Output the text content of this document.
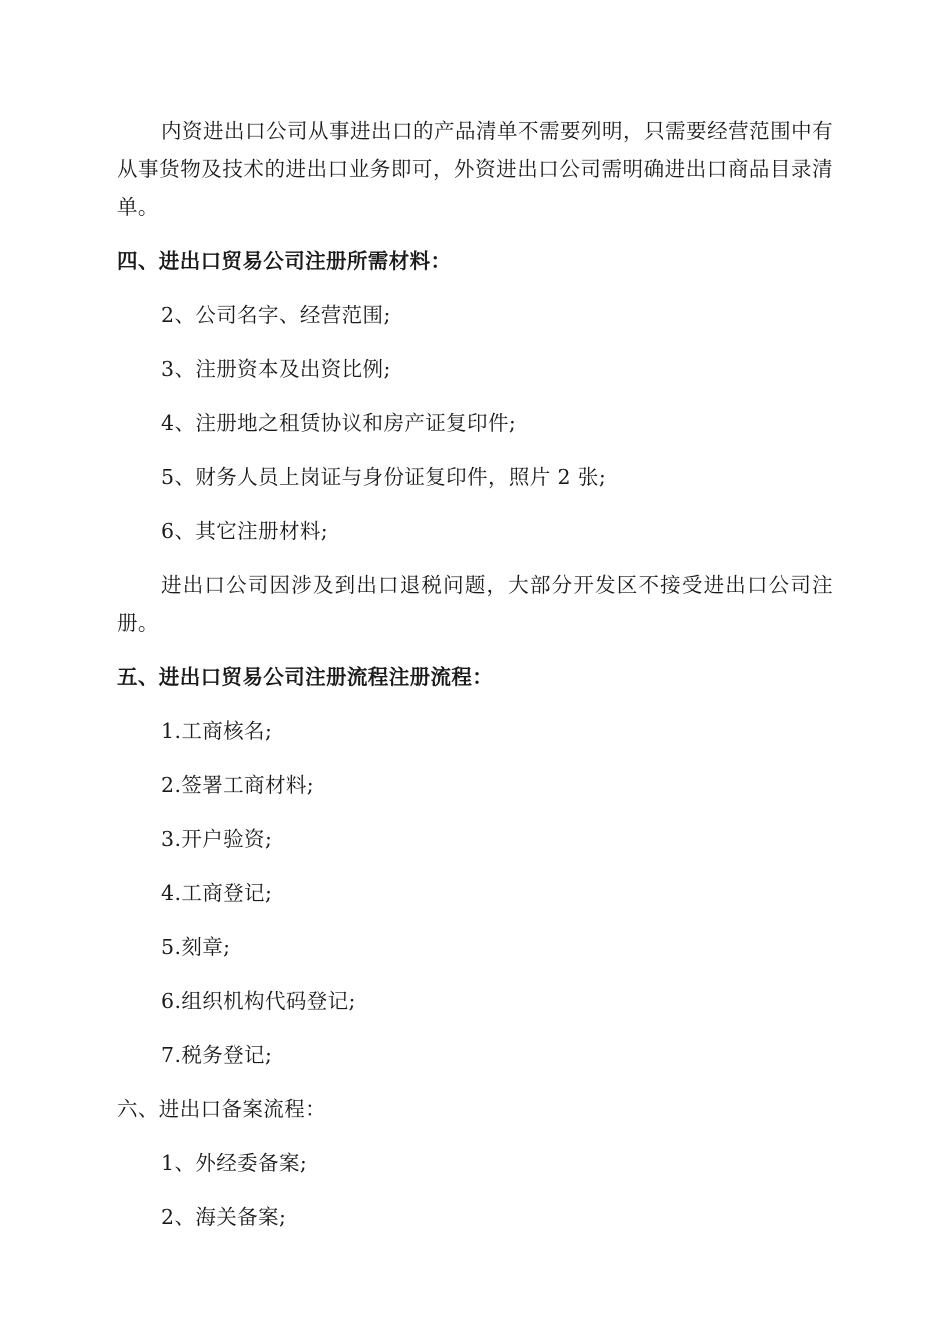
内资进出口公司从事进出口的产品清单不需要列明，只需要经营范围中有从事货物及技术的进出口业务即可，外资进出口公司需明确进出口商品目录清单。

四、进出口贸易公司注册所需材料：

2、公司名字、经营范围;

3、注册资本及出资比例;

4、注册地之租赁协议和房产证复印件;

5、财务人员上岗证与身份证复印件，照片 2 张;

6、其它注册材料;

进出口公司因涉及到出口退税问题，大部分开发区不接受进出口公司注册。

五、进出口贸易公司注册流程注册流程：

1.工商核名;

2.签署工商材料;

3.开户验资;

4.工商登记;

5.刻章;

6.组织机构代码登记;

7.税务登记;

六、进出口备案流程：

1、外经委备案;

2、海关备案;
